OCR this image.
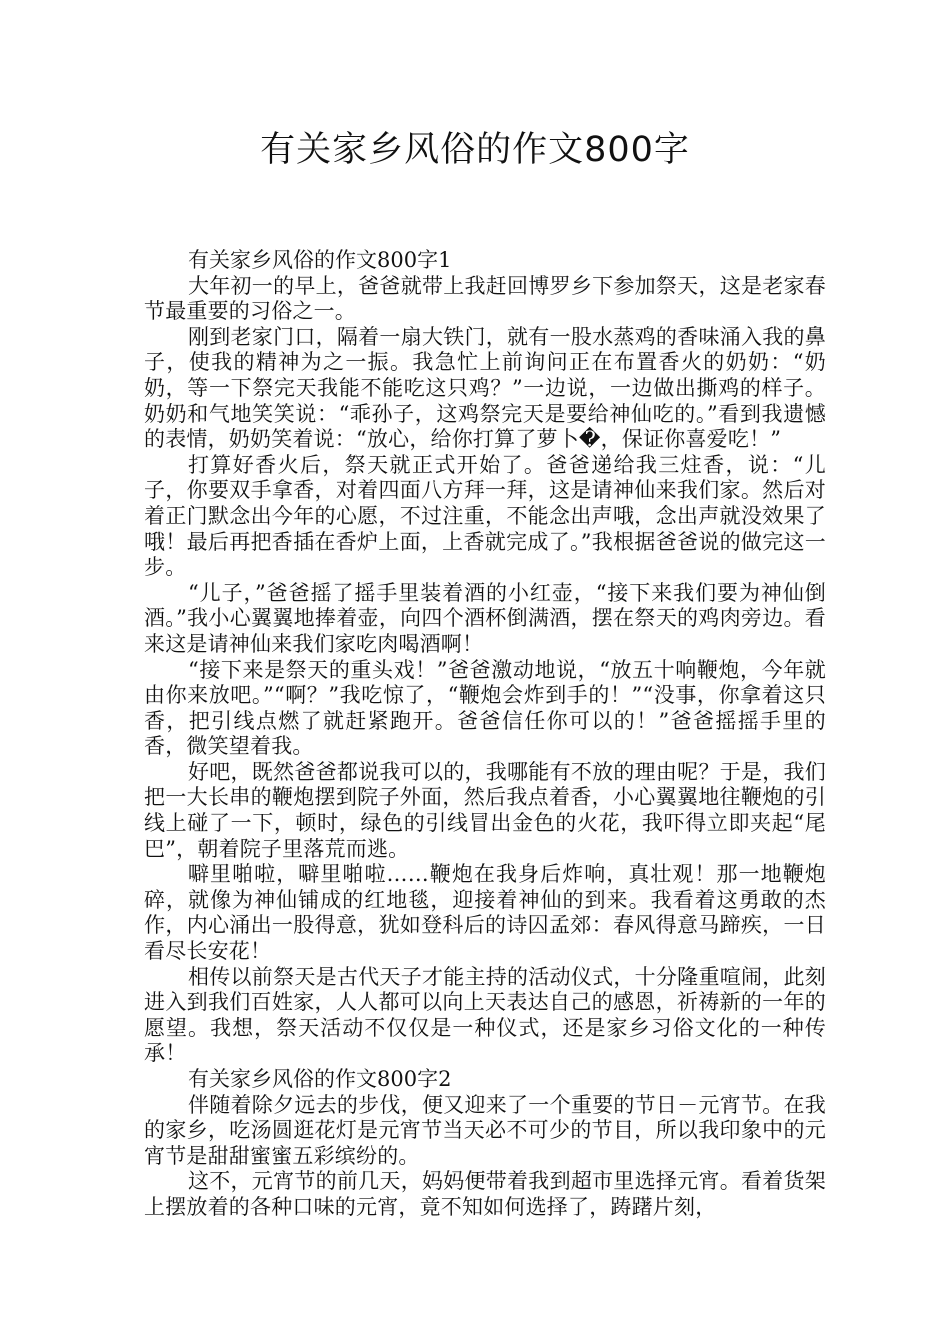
有关家乡风俗的作文800字

有关家乡风俗的作文800字1

大年初一的早上，爸爸就带上我赶回博罗乡下参加祭天，这是老家春节最重要的习俗之一。

刚到老家门口，隔着一扇大铁门，就有一股水蒸鸡的香味涌入我的鼻子，使我的精神为之一振。我急忙上前询问正在布置香火的奶奶：“奶奶，等一下祭完天我能不能吃这只鸡？”一边说，一边做出撕鸡的样子。奶奶和气地笑笑说：“乖孙子，这鸡祭完天是要给神仙吃的。”看到我遗憾的表情，奶奶笑着说：“放心，给你打算了萝卜�，保证你喜爱吃！”

打算好香火后，祭天就正式开始了。爸爸递给我三炷香，说：“儿子，你要双手拿香，对着四面八方拜一拜，这是请神仙来我们家。然后对着正门默念出今年的心愿，不过注重，不能念出声哦，念出声就没效果了哦！最后再把香插在香炉上面，上香就完成了。”我根据爸爸说的做完这一步。

“儿子，”爸爸摇了摇手里装着酒的小红壶，“接下来我们要为神仙倒酒。”我小心翼翼地捧着壶，向四个酒杯倒满酒，摆在祭天的鸡肉旁边。看来这是请神仙来我们家吃肉喝酒啊！

“接下来是祭天的重头戏！”爸爸激动地说，“放五十响鞭炮，今年就由你来放吧。”“啊？”我吃惊了，“鞭炮会炸到手的！”“没事，你拿着这只香，把引线点燃了就赶紧跑开。爸爸信任你可以的！”爸爸摇摇手里的香，微笑望着我。

好吧，既然爸爸都说我可以的，我哪能有不放的理由呢？于是，我们把一大长串的鞭炮摆到院子外面，然后我点着香，小心翼翼地往鞭炮的引线上碰了一下，顿时，绿色的引线冒出金色的火花，我吓得立即夹起“尾巴”，朝着院子里落荒而逃。

噼里啪啦，噼里啪啦……鞭炮在我身后炸响，真壮观！那一地鞭炮碎，就像为神仙铺成的红地毯，迎接着神仙的到来。我看着这勇敢的杰作，内心涌出一股得意，犹如登科后的诗囚孟郊：春风得意马蹄疾，一日看尽长安花！

相传以前祭天是古代天子才能主持的活动仪式，十分隆重喧闹，此刻进入到我们百姓家，人人都可以向上天表达自己的感恩，祈祷新的一年的愿望。我想，祭天活动不仅仅是一种仪式，还是家乡习俗文化的一种传承！

有关家乡风俗的作文800字2

伴随着除夕远去的步伐，便又迎来了一个重要的节日－元宵节。在我的家乡，吃汤圆逛花灯是元宵节当天必不可少的节目，所以我印象中的元宵节是甜甜蜜蜜五彩缤纷的。

这不，元宵节的前几天，妈妈便带着我到超市里选择元宵。看着货架上摆放着的各种口味的元宵，竟不知如何选择了，踌躇片刻，
